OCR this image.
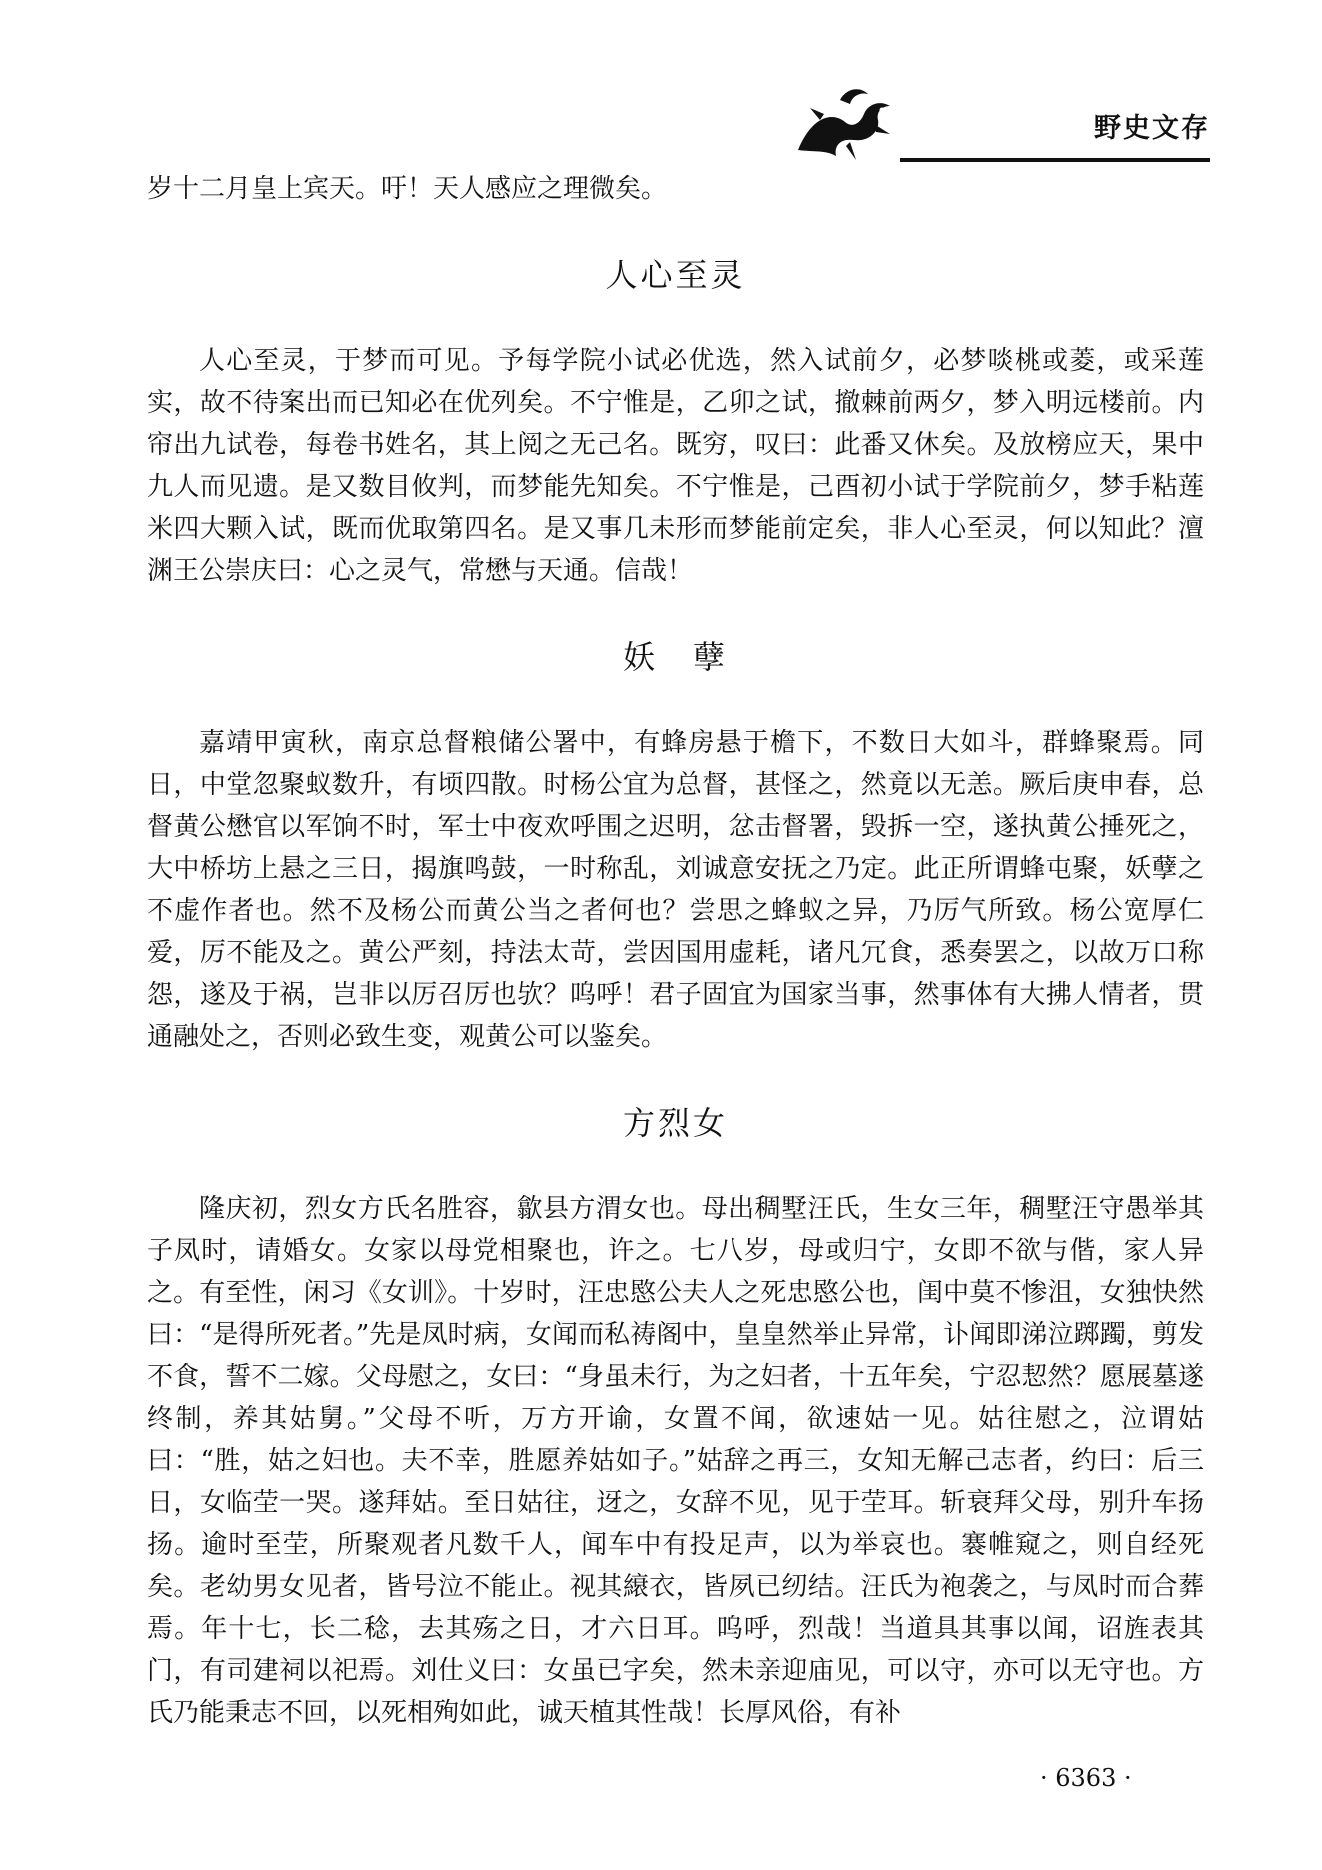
野史文存

岁十二月皇上宾天。吁！天人感应之理微矣。

人心至灵

人心至灵，于梦而可见。予每学院小试必优选，然入试前夕，必梦啖桃或菱，或采莲实，故不待案出而已知必在优列矣。不宁惟是，乙卯之试，撤棘前两夕，梦入明远楼前。内帘出九试卷，每卷书姓名，其上阅之无己名。既穷，叹曰：此番又休矣。及放榜应天，果中九人而见遗。是又数目攸判，而梦能先知矣。不宁惟是，己酉初小试于学院前夕，梦手粘莲米四大颗入试，既而优取第四名。是又事几未形而梦能前定矣，非人心至灵，何以知此？澶渊王公崇庆曰：心之灵气，常懋与天通。信哉！

妖　孽

嘉靖甲寅秋，南京总督粮储公署中，有蜂房悬于檐下，不数日大如斗，群蜂聚焉。同日，中堂忽聚蚁数升，有顷四散。时杨公宜为总督，甚怪之，然竟以无恙。厥后庚申春，总督黄公懋官以军饷不时，军士中夜欢呼围之迟明，忿击督署，毁拆一空，遂执黄公捶死之，大中桥坊上悬之三日，揭旗鸣鼓，一时称乱，刘诚意安抚之乃定。此正所谓蜂屯聚，妖孽之不虚作者也。然不及杨公而黄公当之者何也？尝思之蜂蚁之异，乃厉气所致。杨公宽厚仁爱，厉不能及之。黄公严刻，持法太苛，尝因国用虚耗，诸凡冗食，悉奏罢之，以故万口称怨，遂及于祸，岂非以厉召厉也欤？呜呼！君子固宜为国家当事，然事体有大拂人情者，贯通融处之，否则必致生变，观黄公可以鉴矣。

方烈女

隆庆初，烈女方氏名胜容，歙县方渭女也。母出稠墅汪氏，生女三年，稠墅汪守愚举其子凤时，请婚女。女家以母党相聚也，许之。七八岁，母或归宁，女即不欲与偕，家人异之。有至性，闲习《女训》。十岁时，汪忠愍公夫人之死忠愍公也，闺中莫不惨沮，女独快然曰：“是得所死者。”先是凤时病，女闻而私祷阁中，皇皇然举止异常，讣闻即涕泣踯躅，剪发不食，誓不二嫁。父母慰之，女曰：“身虽未行，为之妇者，十五年矣，宁忍恝然？愿展墓遂终制，养其姑舅。”父母不听，万方开谕，女置不闻，欲速姑一见。姑往慰之，泣谓姑曰：“胜，姑之妇也。夫不幸，胜愿养姑如子。”姑辞之再三，女知无解己志者，约曰：后三日，女临茔一哭。遂拜姑。至日姑往，迓之，女辞不见，见于茔耳。斩衰拜父母，别升车扬扬。逾时至茔，所聚观者凡数千人，闻车中有投足声，以为举哀也。褰帷窥之，则自经死矣。老幼男女见者，皆号泣不能止。视其縗衣，皆夙已纫结。汪氏为袍袭之，与凤时而合葬焉。年十七，长二稔，去其殇之日，才六日耳。呜呼，烈哉！当道具其事以闻，诏旌表其门，有司建祠以祀焉。刘仕义曰：女虽已字矣，然未亲迎庙见，可以守，亦可以无守也。方氏乃能秉志不回，以死相殉如此，诚天植其性哉！长厚风俗，有补

· 6363 ·
